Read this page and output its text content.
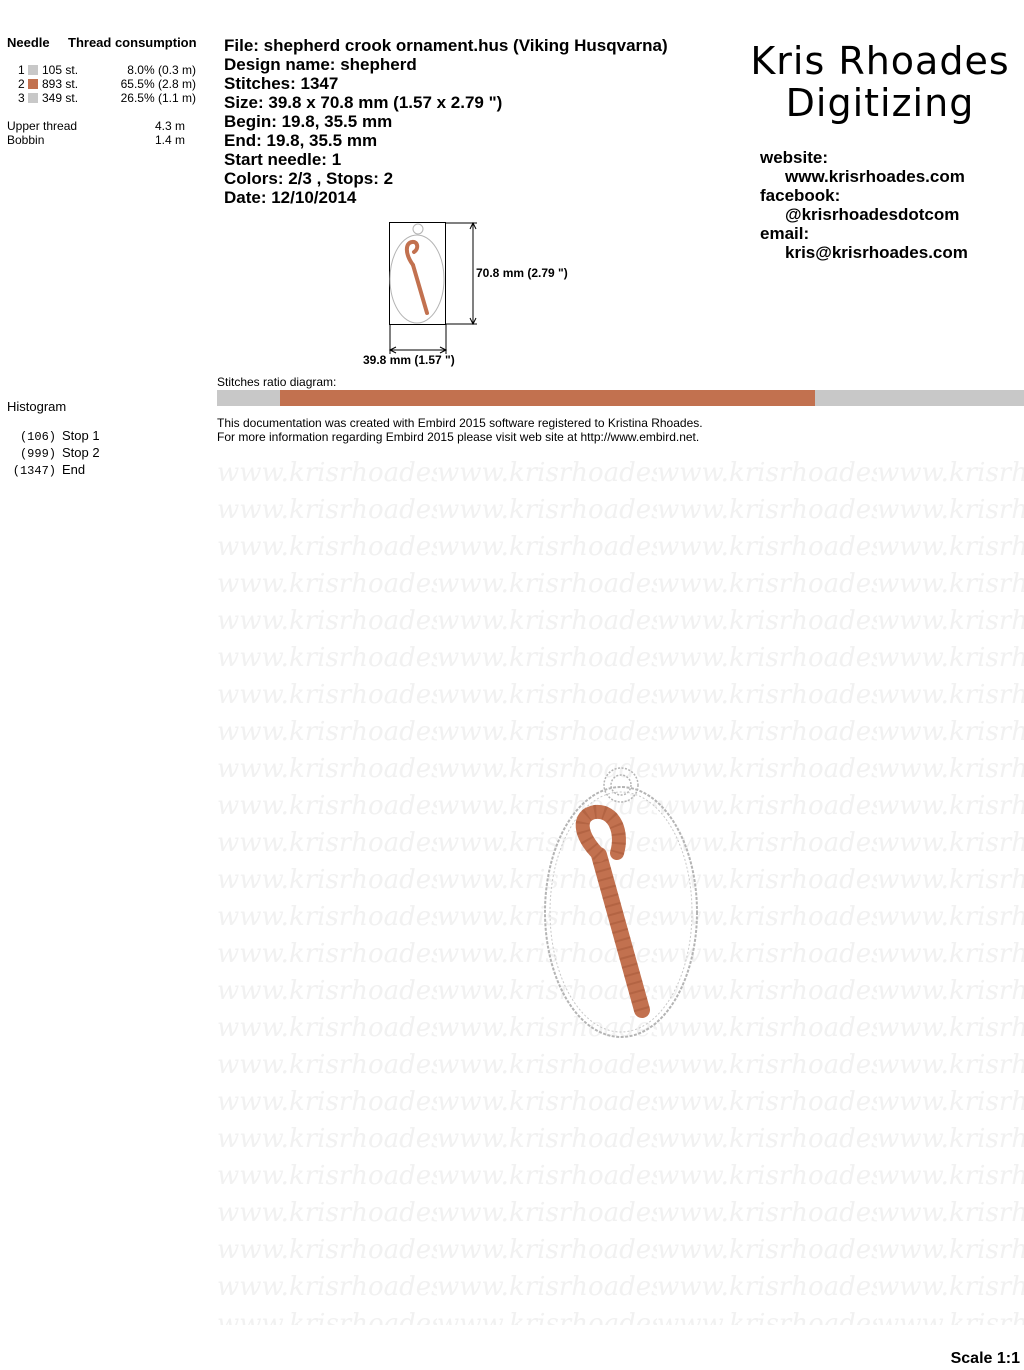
Needle Thread consumption
1 105 st.	8.0% (0.3 m)
2 893 st.	65.5% (2.8 m)
3 349 st.	26.5% (1.1 m)
Upper thread	4.3 m
Bobbin	1.4 m
File: shepherd crook ornament.hus (Viking Husqvarna)
Design name: shepherd
Stitches: 1347
Size: 39.8 x 70.8 mm (1.57 x 2.79 ")
Begin: 19.8, 35.5 mm
End: 19.8, 35.5 mm
Start needle: 1
Colors: 2/3 , Stops: 2
Date: 12/10/2014
Kris Rhoades
Digitizing
website:
www.krisrhoades.com
facebook:
@krisrhoadesdotcom
email:
kris@krisrhoades.com
70.8 mm (2.79 ")
39.8 mm (1.57 ")
Stitches ratio diagram:
This documentation was created with Embird 2015 software registered to Kristina Rhoades.
For more information regarding Embird 2015 please visit web site at http://www.embird.net.
Histogram
(106) Stop 1
(999) Stop 2
(1347) End
Scale 1:1
